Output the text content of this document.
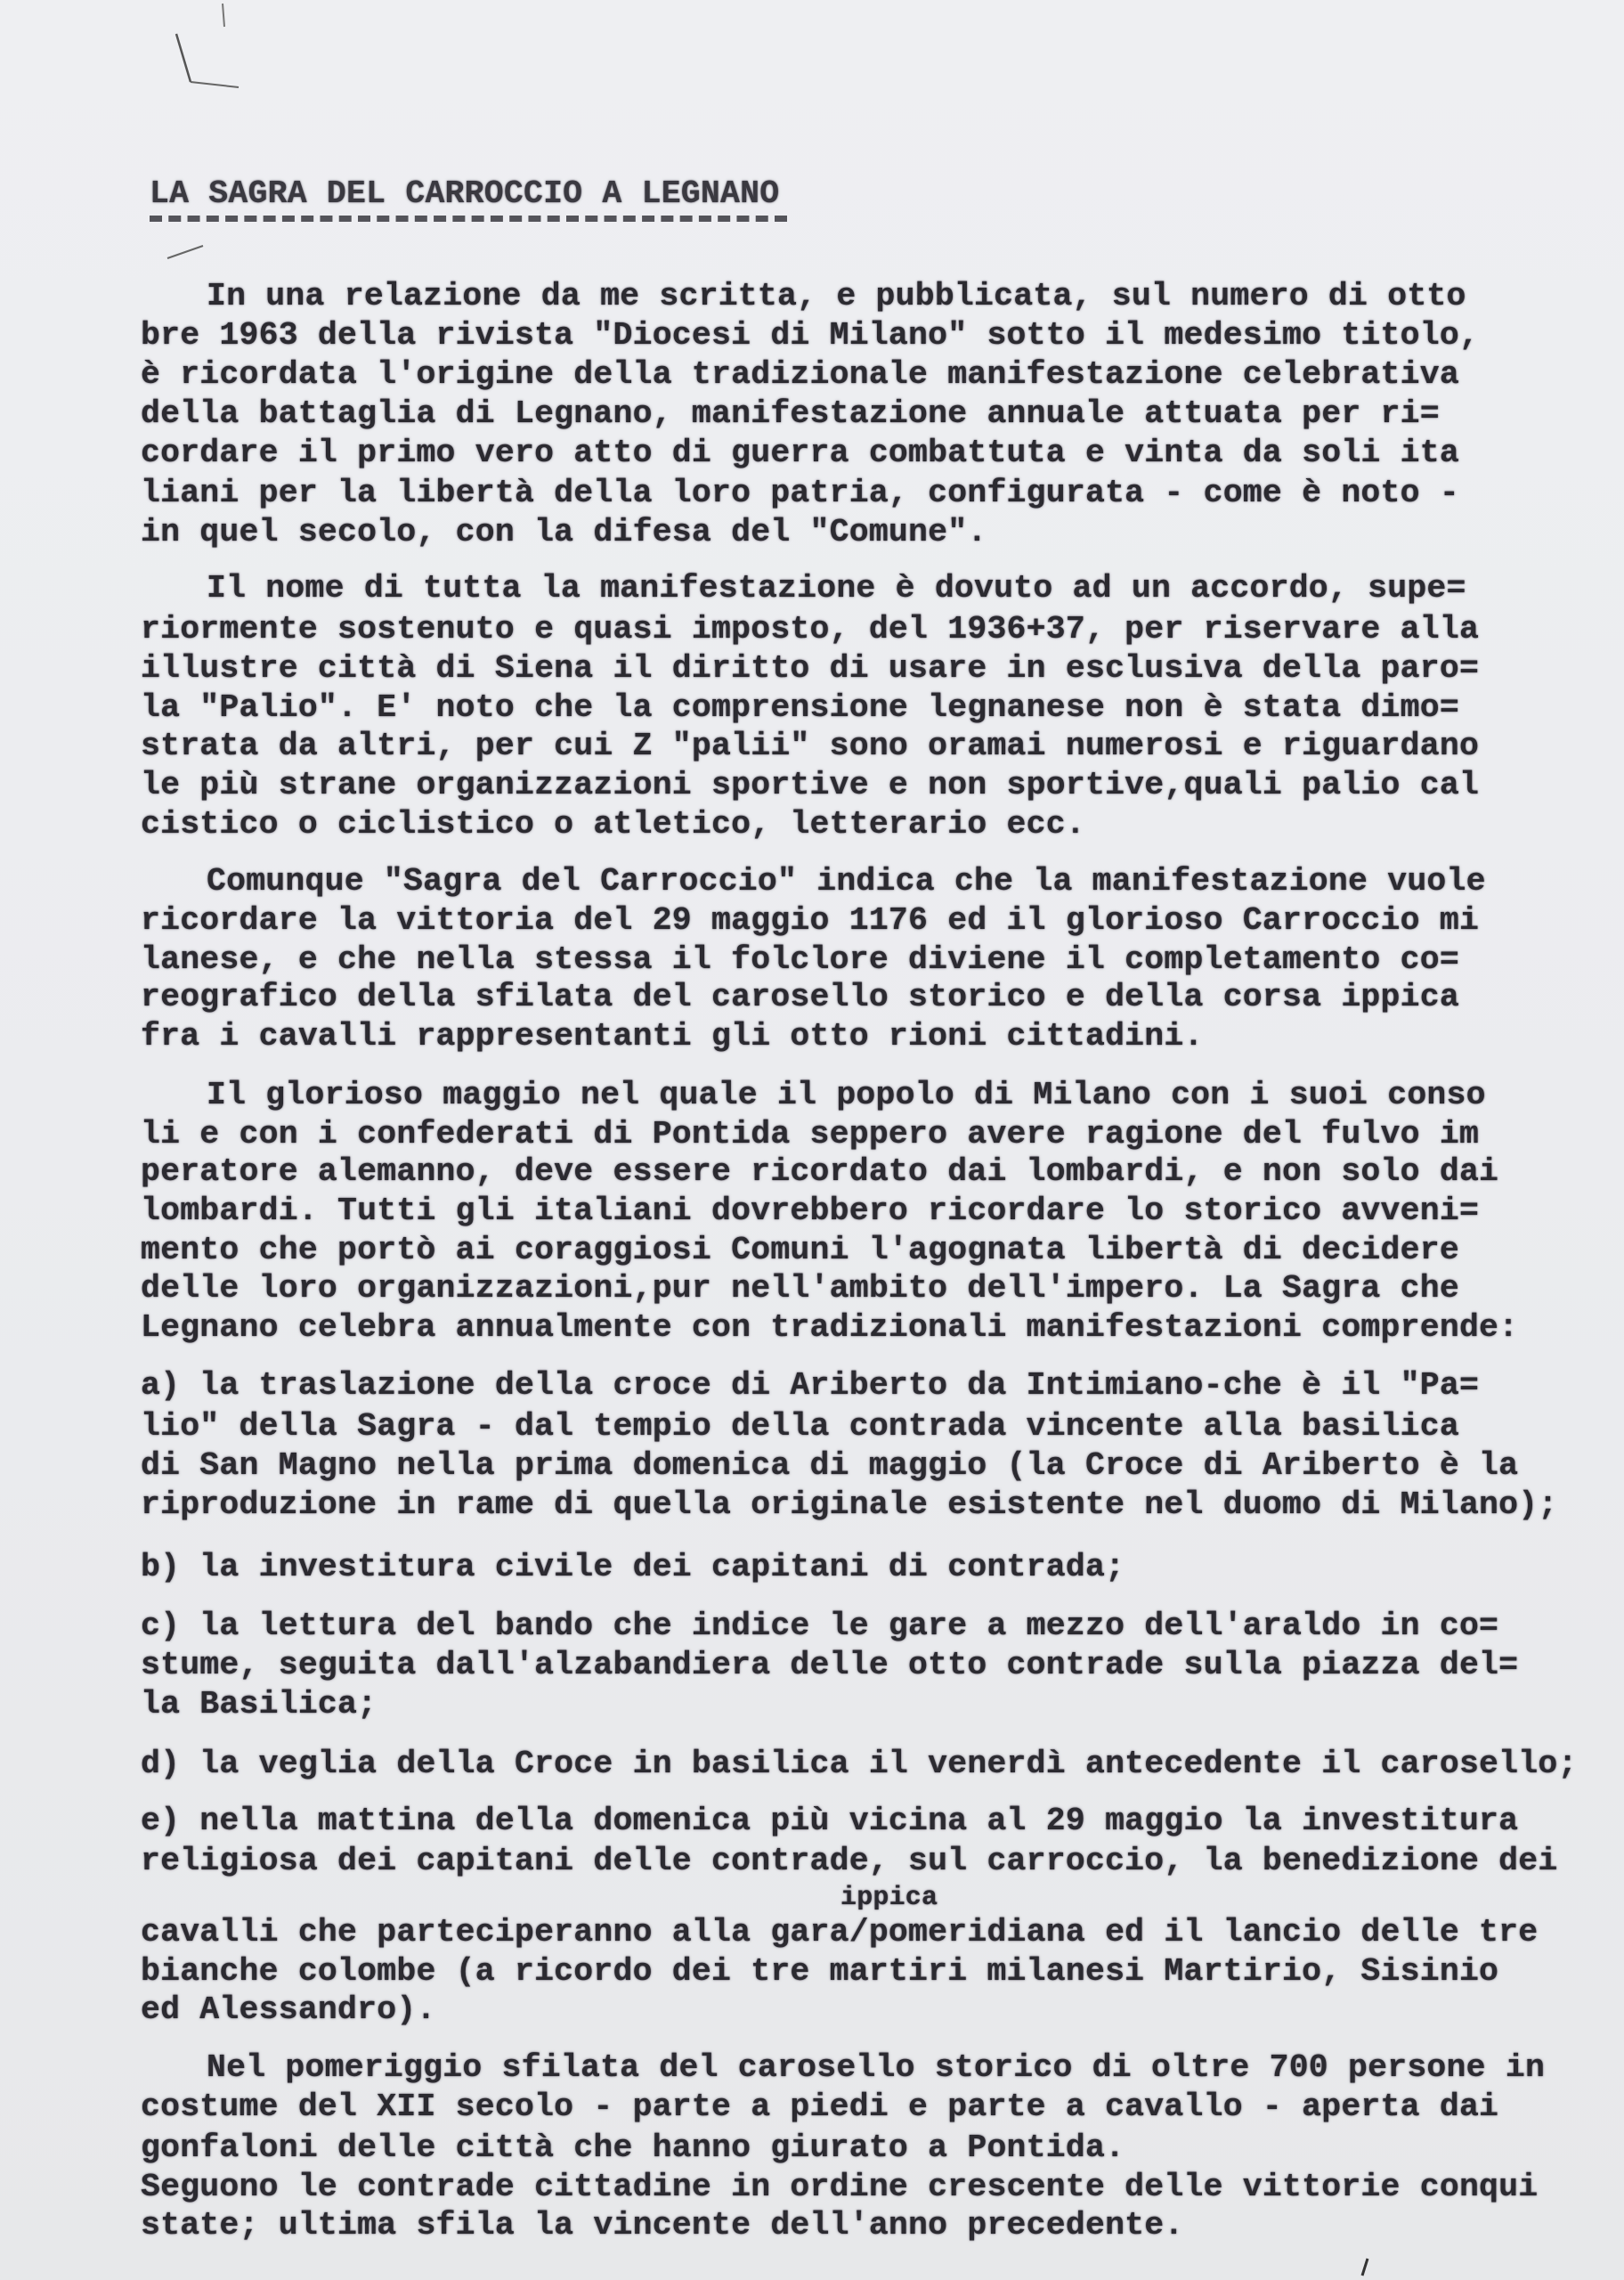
LA SAGRA DEL CARROCCIO A LEGNANO
In una relazione da me scritta, e pubblicata, sul numero di otto
bre 1963 della rivista "Diocesi di Milano" sotto il medesimo titolo,
è ricordata l'origine della tradizionale manifestazione celebrativa
della battaglia di Legnano, manifestazione annuale attuata per ri=
cordare il primo vero atto di guerra combattuta e vinta da soli ita
liani per la libertà della loro patria, configurata - come è noto -
in quel secolo, con la difesa del "Comune".
Il nome di tutta la manifestazione è dovuto ad un accordo, supe=
riormente sostenuto e quasi imposto, del 1936+37, per riservare alla
illustre città di Siena il diritto di usare in esclusiva della paro=
la "Palio". E' noto che la comprensione legnanese non è stata dimo=
strata da altri, per cui Z "palii" sono oramai numerosi e riguardano
le più strane organizzazioni sportive e non sportive,quali palio cal
cistico o ciclistico o atletico, letterario ecc.
Comunque "Sagra del Carroccio" indica che la manifestazione vuole
ricordare la vittoria del 29 maggio 1176 ed il glorioso Carroccio mi
lanese, e che nella stessa il folclore diviene il completamento co=
reografico della sfilata del carosello storico e della corsa ippica
fra i cavalli rappresentanti gli otto rioni cittadini.
Il glorioso maggio nel quale il popolo di Milano con i suoi conso
li e con i confederati di Pontida seppero avere ragione del fulvo im
peratore alemanno, deve essere ricordato dai lombardi, e non solo dai
lombardi. Tutti gli italiani dovrebbero ricordare lo storico avveni=
mento che portò ai coraggiosi Comuni l'agognata libertà di decidere
delle loro organizzazioni,pur nell'ambito dell'impero. La Sagra che
Legnano celebra annualmente con tradizionali manifestazioni comprende:
a) la traslazione della croce di Ariberto da Intimiano-che è il "Pa=
lio" della Sagra - dal tempio della contrada vincente alla basilica
di San Magno nella prima domenica di maggio (la Croce di Ariberto è la
riproduzione in rame di quella originale esistente nel duomo di Milano);
b) la investitura civile dei capitani di contrada;
c) la lettura del bando che indice le gare a mezzo dell'araldo in co=
stume, seguita dall'alzabandiera delle otto contrade sulla piazza del=
la Basilica;
d) la veglia della Croce in basilica il venerdì antecedente il carosello;
e) nella mattina della domenica più vicina al 29 maggio la investitura
religiosa dei capitani delle contrade, sul carroccio, la benedizione dei
cavalli che parteciperanno alla gara/pomeridiana ed il lancio delle tre
bianche colombe (a ricordo dei tre martiri milanesi Martirio, Sisinio
ed Alessandro).
Nel pomeriggio sfilata del carosello storico di oltre 700 persone in
costume del XII secolo - parte a piedi e parte a cavallo - aperta dai
gonfaloni delle città che hanno giurato a Pontida.
Seguono le contrade cittadine in ordine crescente delle vittorie conqui
state; ultima sfila la vincente dell'anno precedente.
ippica
